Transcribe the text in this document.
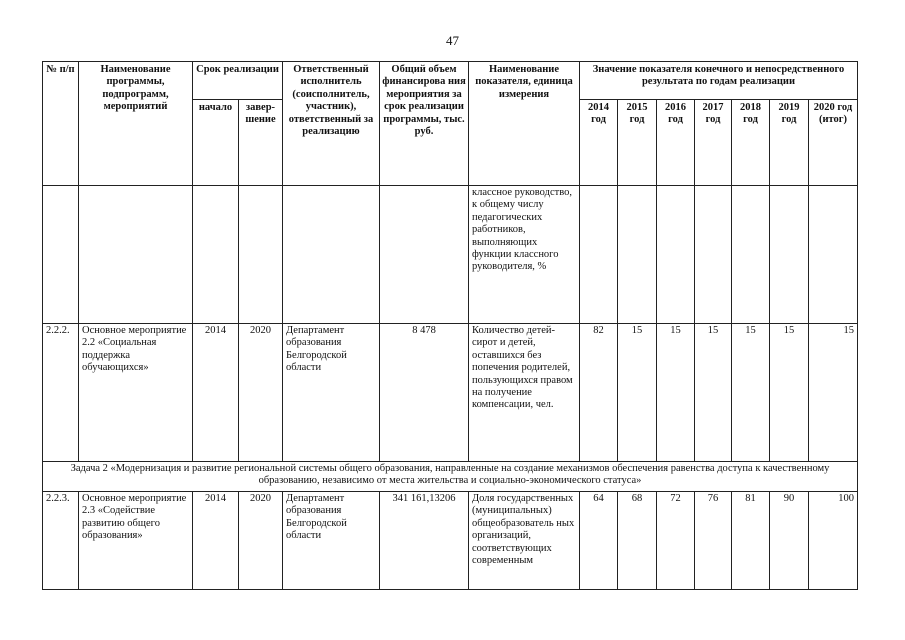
47
№ п/п	Наименование программы, подпрограмм, мероприятий	Срок реализации		Ответственный исполнитель (соисполнитель, участник), ответственный за реализацию	Общий объем финансирова ния мероприятия за срок реализации программы, тыс. руб.	Наименование показателя, единица измерения	Значение показателя конечного и непосредственного результата по годам реализации						
		начало	завер-шение				2014 год	2015 год	2016 год	2017 год	2018 год	2019 год	2020 год (итог)
						классное руководство, к общему числу педагогических работников, выполняющих функции классного руководителя, %							
2.2.2.	Основное мероприятие 2.2 «Социальная поддержка обучающихся»	2014	2020	Департамент образования Белгородской области	8 478	Количество детей-сирот и детей, оставшихся без попечения родителей, пользующихся правом на получение компенсации, чел.	82	15	15	15	15	15	15
Задача 2 «Модернизация и развитие региональной системы общего образования, направленные на создание механизмов обеспечения равенства доступа к качественному образованию, независимо от места жительства и социально-экономического статуса»													
2.2.3.	Основное мероприятие 2.3 «Содействие развитию общего образования»	2014	2020	Департамент образования Белгородской области	341 161,13206	Доля государственных (муниципальных) общеобразователь ных организаций, соответствующих современным	64	68	72	76	81	90	100
